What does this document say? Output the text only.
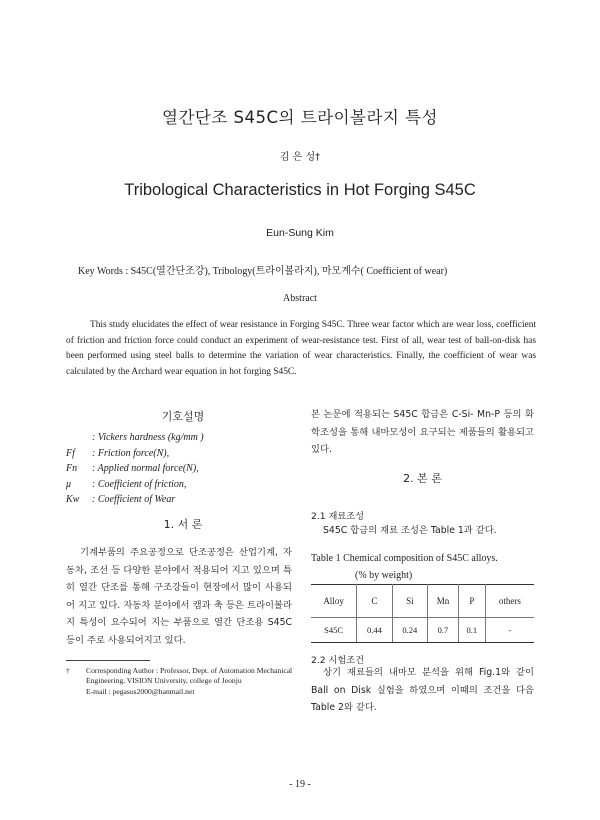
열간단조 S45C의 트라이볼라지 특성
김 은 성†
Tribological Characteristics in Hot Forging S45C
Eun-Sung Kim
Key Words : S45C(열간단조강), Tribology(트라이볼라지), 마모계수( Coefficient of wear)
Abstract
This study elucidates the effect of wear resistance in Forging S45C. Three wear factor which are wear loss, coefficient of friction and friction force could conduct an experiment of wear-resistance test. First of all, wear test of ball-on-disk has been performed using steel balls to determine the variation of wear characteristics. Finally, the coefficient of wear was calculated by the Archard wear equation in hot forging S45C.
기호설명
: Vickers hardness (kg/mm )
Ff : Friction force(N),
Fn : Applied normal force(N),
μ : Coefficient of friction,
Kw : Coefficient of Wear
1. 서 론
기계부품의 주요공정으로 단조공정은 산업기계, 자동차, 조선 등 다양한 분야에서 적용되어 지고 있으며 특히 열간 단조를 통해 구조강들이 현장에서 많이 사용되어 지고 있다. 자동차 분야에서 캠과 축 등은 트라이볼라지 특성이 요수되어 지는 부품으로 열간 단조용 S45C 등이 주로 사용되어지고 있다.
† Corresponding Author : Professor, Dept. of Automation Mechanical Engineering, VISION University, college of Jeonju
E-mail : pegasus2000@hanmail.net
본 논문에 적용되는 S45C 합금은 C-Si- Mn-P 등의 화학조성을 통해 내마모성이 요구되는 제품들의 활용되고 있다.
2. 본 론
2.1 재료조성
S45C 합금의 재료 조성은 Table 1과 같다.
Table 1 Chemical composition of S45C alloys.
(% by weight)
Alloy	C	Si	Mn	P	others
S45C	0.44	0.24	0.7	0.1	-
2.2 시험조건
상기 재료들의 내마모 분석을 위해 Fig.1와 같이 Ball on Disk 실험을 하였으며 이때의 조건을 다음 Table 2와 같다.
- 19 -
